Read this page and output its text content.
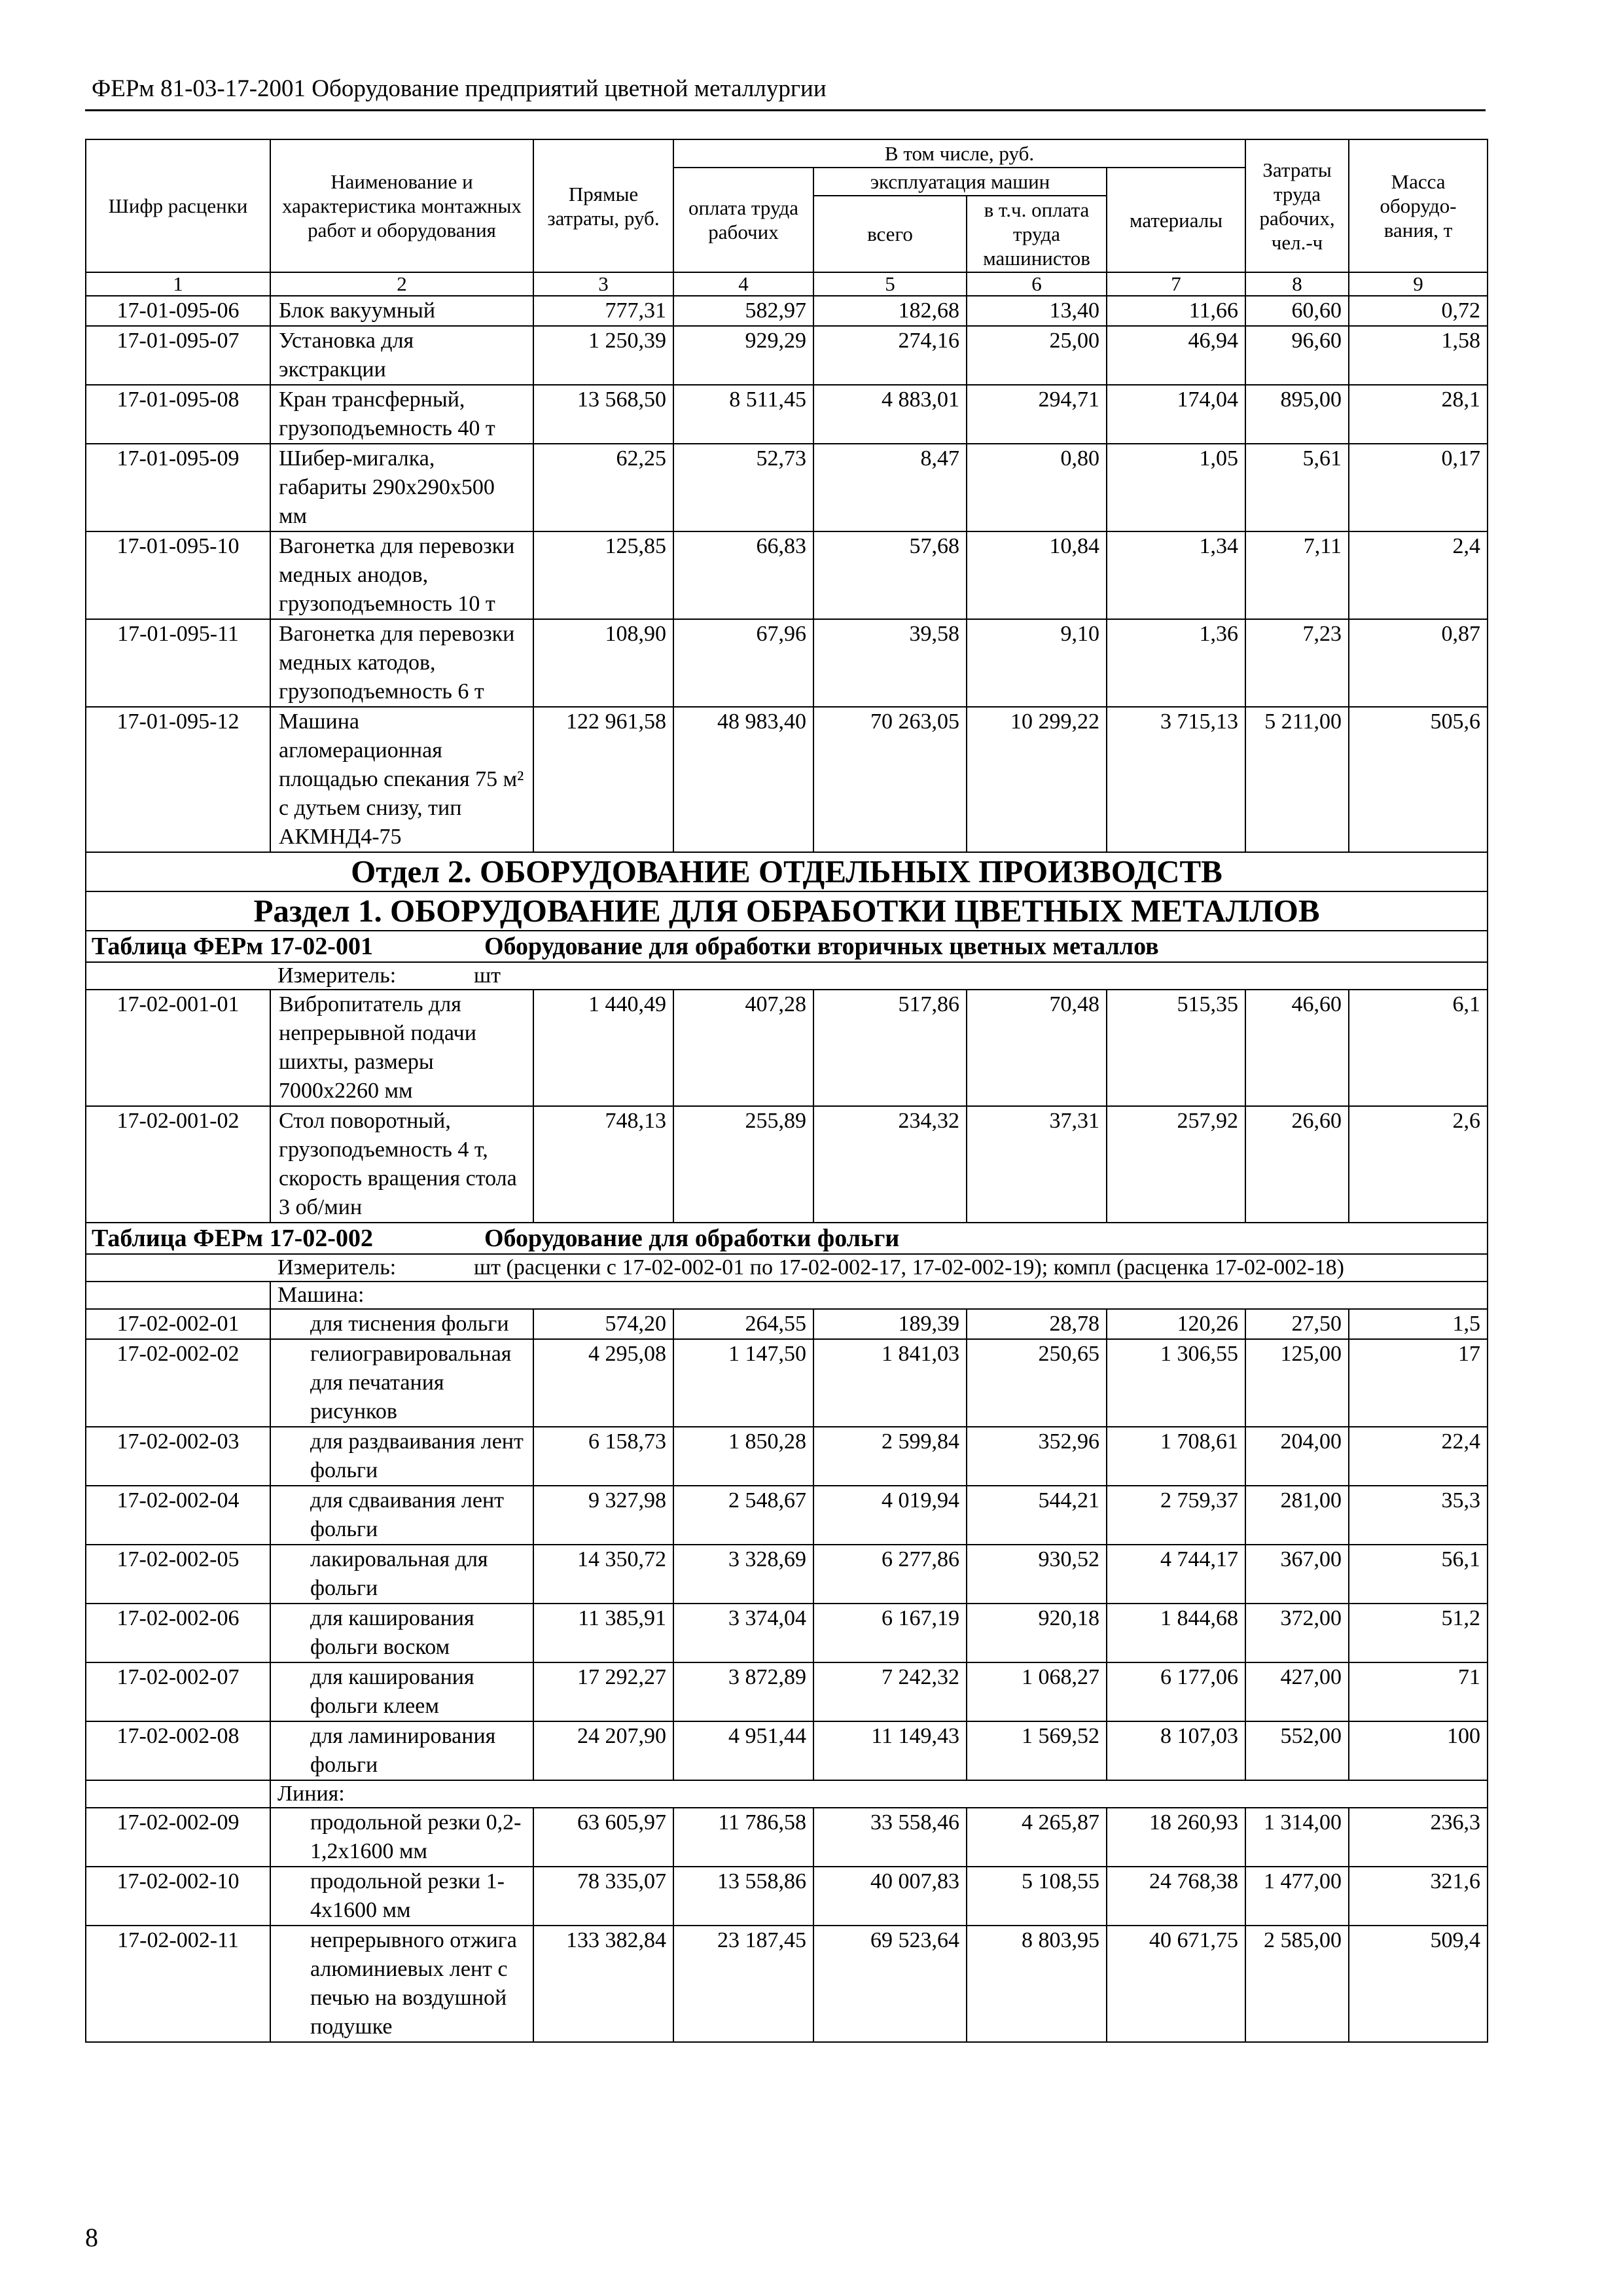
ФЕРм 81-03-17-2001 Оборудование предприятий цветной металлургии
Шифр расценки	Наименование и характеристика монтажных работ и оборудования	Прямые затраты, руб.	В том числе, руб.				Затраты труда рабочих, чел.-ч	Масса оборудо-вания, т
			оплата труда рабочих	эксплуатация машин		материалы		
				всего	в т.ч. оплата труда машинистов			
1	2	3	4	5	6	7	8	9
17-01-095-06	Блок вакуумный	777,31	582,97	182,68	13,40	11,66	60,60	0,72
17-01-095-07	Установка для экстракции	1 250,39	929,29	274,16	25,00	46,94	96,60	1,58
17-01-095-08	Кран трансферный, грузоподъемность 40 т	13 568,50	8 511,45	4 883,01	294,71	174,04	895,00	28,1
17-01-095-09	Шибер-мигалка, габариты 290х290х500 мм	62,25	52,73	8,47	0,80	1,05	5,61	0,17
17-01-095-10	Вагонетка для перевозки медных анодов, грузоподъемность 10 т	125,85	66,83	57,68	10,84	1,34	7,11	2,4
17-01-095-11	Вагонетка для перевозки медных катодов, грузоподъемность 6 т	108,90	67,96	39,58	9,10	1,36	7,23	0,87
17-01-095-12	Машина агломерационная площадью спекания 75 м² с дутьем снизу, тип АКМНД4-75	122 961,58	48 983,40	70 263,05	10 299,22	3 715,13	5 211,00	505,6
Отдел 2. ОБОРУДОВАНИЕ ОТДЕЛЬНЫХ ПРОИЗВОДСТВ								
Раздел 1. ОБОРУДОВАНИЕ ДЛЯ ОБРАБОТКИ ЦВЕТНЫХ МЕТАЛЛОВ								
Таблица ФЕРм 17-02-001 Оборудование для обработки вторичных цветных металлов								
Измеритель: шт								
17-02-001-01	Вибропитатель для непрерывной подачи шихты, размеры 7000х2260 мм	1 440,49	407,28	517,86	70,48	515,35	46,60	6,1
17-02-001-02	Стол поворотный, грузоподъемность 4 т, скорость вращения стола 3 об/мин	748,13	255,89	234,32	37,31	257,92	26,60	2,6
Таблица ФЕРм 17-02-002 Оборудование для обработки фольги								
Измеритель: шт (расценки с 17-02-002-01 по 17-02-002-17, 17-02-002-19); компл (расценка 17-02-002-18)								
	Машина:							
17-02-002-01	для тиснения фольги	574,20	264,55	189,39	28,78	120,26	27,50	1,5
17-02-002-02	гелиогравировальная для печатания рисунков	4 295,08	1 147,50	1 841,03	250,65	1 306,55	125,00	17
17-02-002-03	для раздваивания лент фольги	6 158,73	1 850,28	2 599,84	352,96	1 708,61	204,00	22,4
17-02-002-04	для сдваивания лент фольги	9 327,98	2 548,67	4 019,94	544,21	2 759,37	281,00	35,3
17-02-002-05	лакировальная для фольги	14 350,72	3 328,69	6 277,86	930,52	4 744,17	367,00	56,1
17-02-002-06	для каширования фольги воском	11 385,91	3 374,04	6 167,19	920,18	1 844,68	372,00	51,2
17-02-002-07	для каширования фольги клеем	17 292,27	3 872,89	7 242,32	1 068,27	6 177,06	427,00	71
17-02-002-08	для ламинирования фольги	24 207,90	4 951,44	11 149,43	1 569,52	8 107,03	552,00	100
	Линия:							
17-02-002-09	продольной резки 0,2-1,2х1600 мм	63 605,97	11 786,58	33 558,46	4 265,87	18 260,93	1 314,00	236,3
17-02-002-10	продольной резки 1-4х1600 мм	78 335,07	13 558,86	40 007,83	5 108,55	24 768,38	1 477,00	321,6
17-02-002-11	непрерывного отжига алюминиевых лент с печью на воздушной подушке	133 382,84	23 187,45	69 523,64	8 803,95	40 671,75	2 585,00	509,4
8
